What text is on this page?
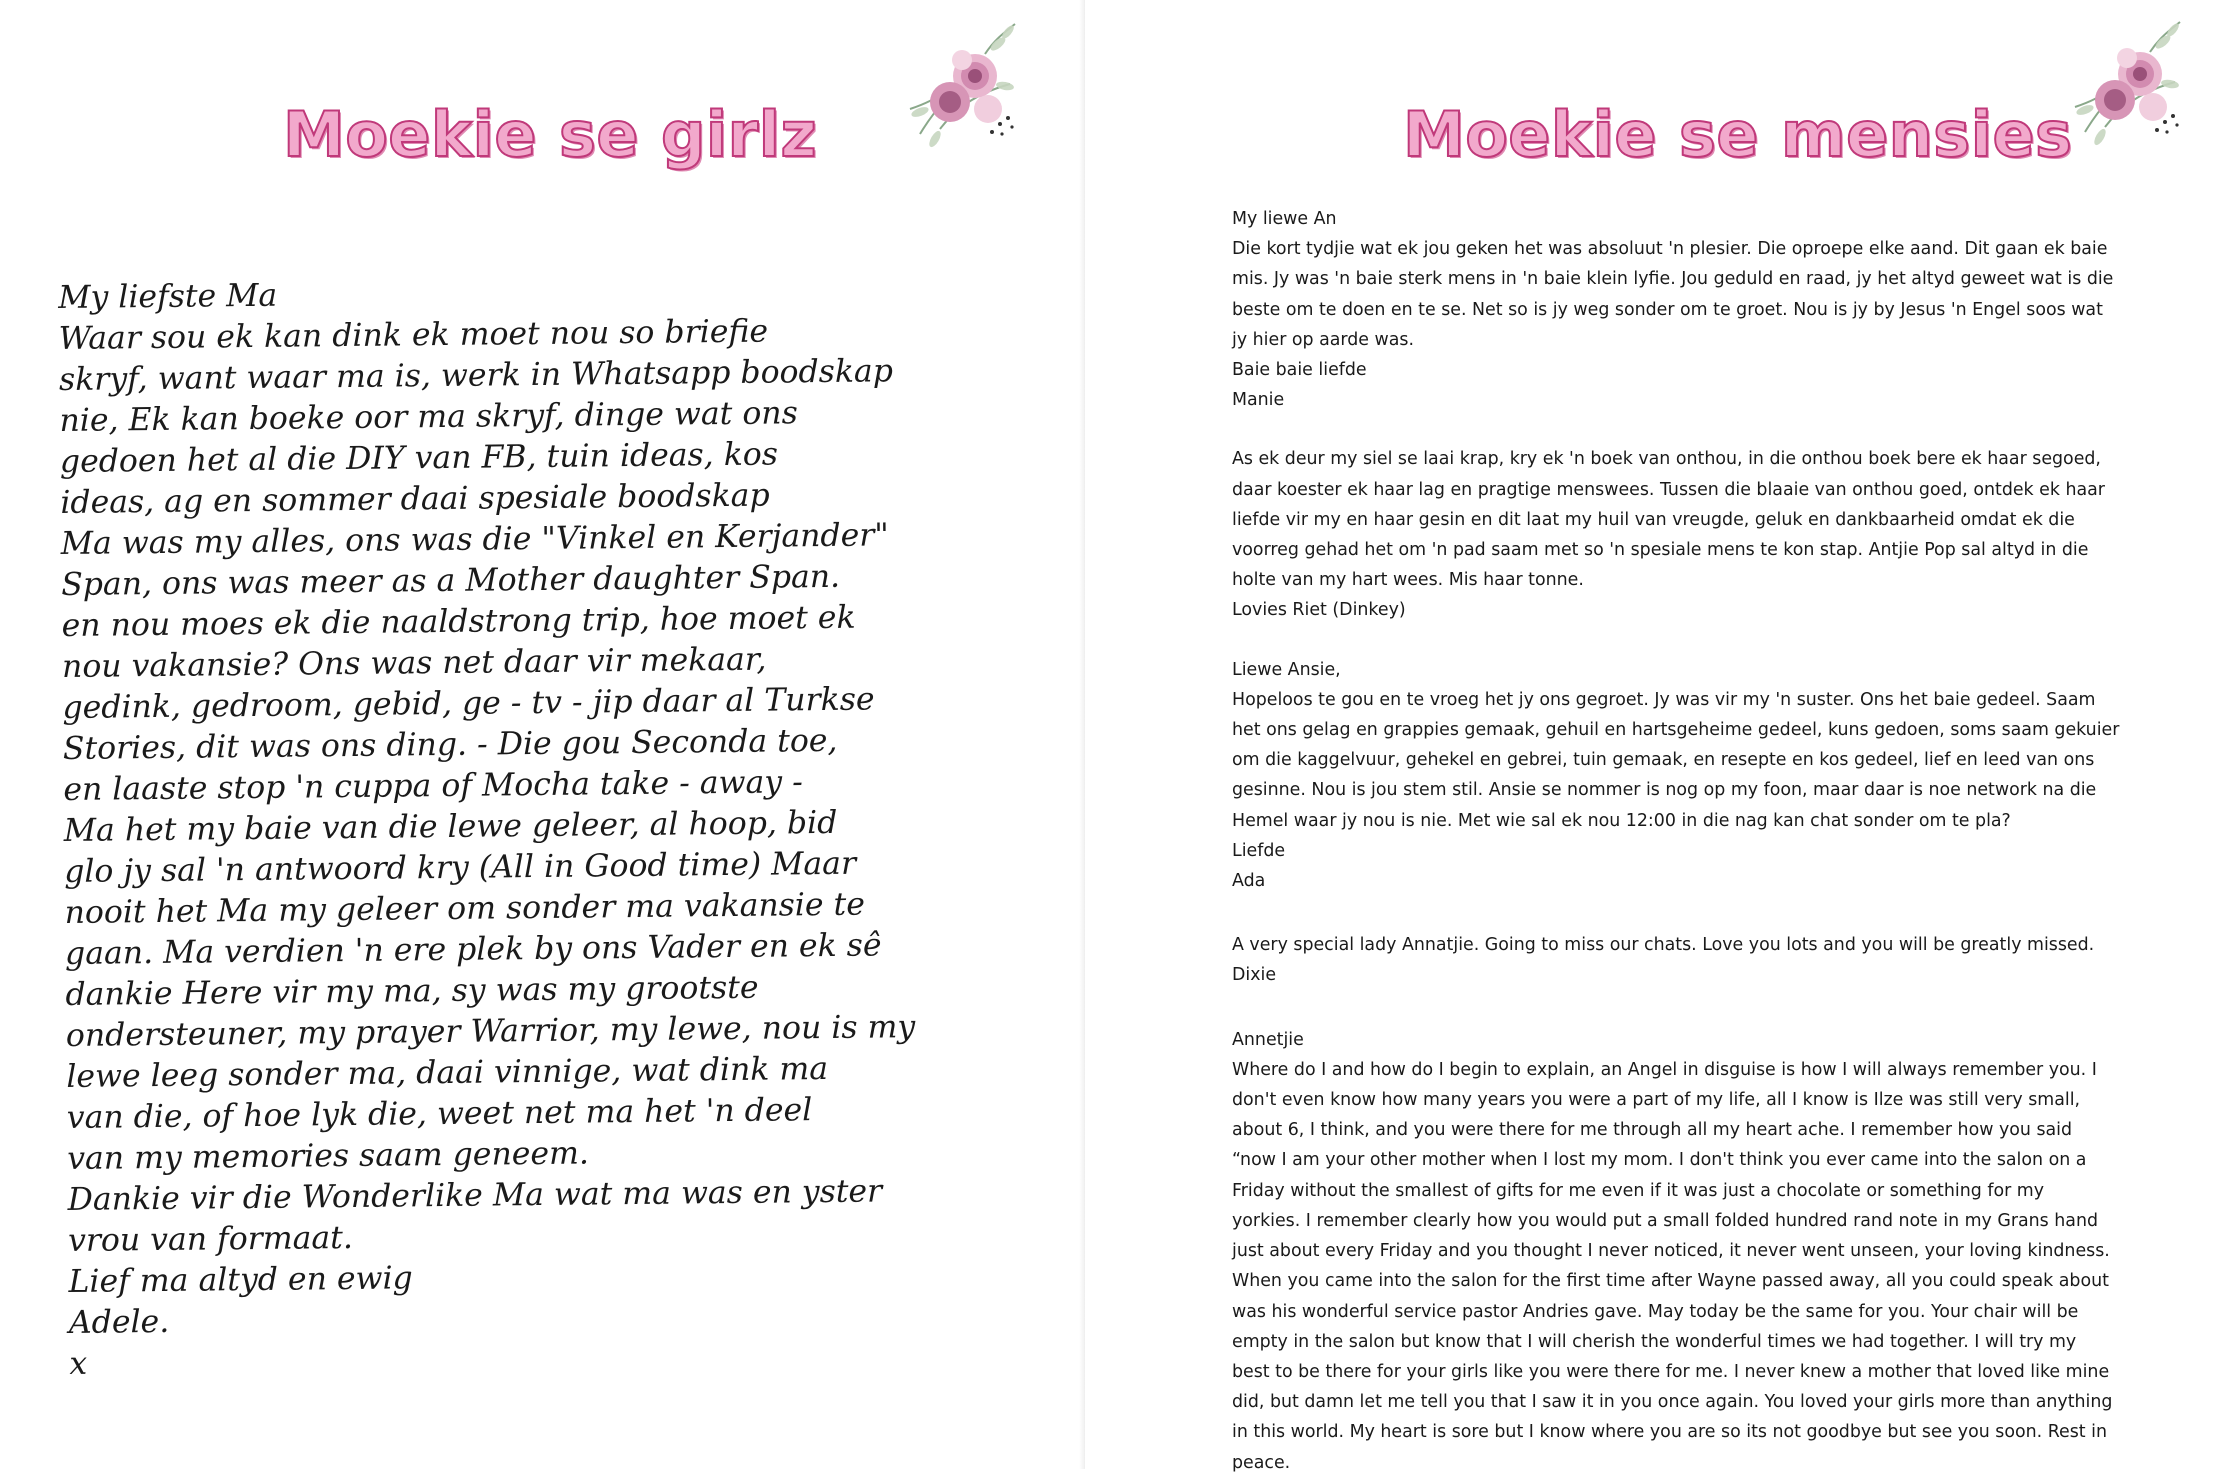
Moekie se girlz
My liefste Ma
Waar sou ek kan dink ek moet nou so briefie
skryf, want waar ma is, werk in Whatsapp boodskap
nie, Ek kan boeke oor ma skryf, dinge wat ons
gedoen het al die DIY van FB, tuin ideas, kos
ideas, ag en sommer daai spesiale boodskap
Ma was my alles, ons was die "Vinkel en Kerjander"
Span, ons was meer as a Mother daughter Span.
en nou moes ek die naaldstrong trip, hoe moet ek
nou vakansie? Ons was net daar vir mekaar,
gedink, gedroom, gebid, ge - tv - jip daar al Turkse
Stories, dit was ons ding. - Die gou Seconda toe,
en laaste stop 'n cuppa of Mocha take - away -
Ma het my baie van die lewe geleer, al hoop, bid
glo jy sal 'n antwoord kry (All in Good time) Maar
nooit het Ma my geleer om sonder ma vakansie te
gaan. Ma verdien 'n ere plek by ons Vader en ek sê
dankie Here vir my ma, sy was my grootste
ondersteuner, my prayer Warrior, my lewe, nou is my
lewe leeg sonder ma, daai vinnige, wat dink ma
van die, of hoe lyk die, weet net ma het 'n deel
van my memories saam geneem.
Dankie vir die Wonderlike Ma wat ma was en yster
vrou van formaat.
Lief ma altyd en ewig
Adele.
x
Moekie se mensies
My liewe An
Die kort tydjie wat ek jou geken het was absoluut 'n plesier. Die oproepe elke aand. Dit gaan ek baie
mis. Jy was 'n baie sterk mens in 'n baie klein lyfie. Jou geduld en raad, jy het altyd geweet wat is die
beste om te doen en te se. Net so is jy weg sonder om te groet. Nou is jy by Jesus 'n Engel soos wat
jy hier op aarde was.
Baie baie liefde
Manie
As ek deur my siel se laai krap, kry ek 'n boek van onthou, in die onthou boek bere ek haar segoed,
daar koester ek haar lag en pragtige menswees. Tussen die blaaie van onthou goed, ontdek ek haar
liefde vir my en haar gesin en dit laat my huil van vreugde, geluk en dankbaarheid omdat ek die
voorreg gehad het om 'n pad saam met so 'n spesiale mens te kon stap. Antjie Pop sal altyd in die
holte van my hart wees. Mis haar tonne.
Lovies Riet (Dinkey)
Liewe Ansie,
Hopeloos te gou en te vroeg het jy ons gegroet. Jy was vir my 'n suster. Ons het baie gedeel. Saam
het ons gelag en grappies gemaak, gehuil en hartsgeheime gedeel, kuns gedoen, soms saam gekuier
om die kaggelvuur, gehekel en gebrei, tuin gemaak, en resepte en kos gedeel, lief en leed van ons
gesinne. Nou is jou stem stil. Ansie se nommer is nog op my foon, maar daar is noe network na die
Hemel waar jy nou is nie. Met wie sal ek nou 12:00 in die nag kan chat sonder om te pla?
Liefde
Ada
A very special lady Annatjie. Going to miss our chats. Love you lots and you will be greatly missed.
Dixie
Annetjie
Where do I and how do I begin to explain, an Angel in disguise is how I will always remember you. I
don't even know how many years you were a part of my life, all I know is Ilze was still very small,
about 6, I think, and you were there for me through all my heart ache. I remember how you said
“now I am your other mother when I lost my mom. I don't think you ever came into the salon on a
Friday without the smallest of gifts for me even if it was just a chocolate or something for my
yorkies. I remember clearly how you would put a small folded hundred rand note in my Grans hand
just about every Friday and you thought I never noticed, it never went unseen, your loving kindness.
When you came into the salon for the first time after Wayne passed away, all you could speak about
was his wonderful service pastor Andries gave. May today be the same for you. Your chair will be
empty in the salon but know that I will cherish the wonderful times we had together. I will try my
best to be there for your girls like you were there for me. I never knew a mother that loved like mine
did, but damn let me tell you that I saw it in you once again. You loved your girls more than anything
in this world. My heart is sore but I know where you are so its not goodbye but see you soon. Rest in
peace.
